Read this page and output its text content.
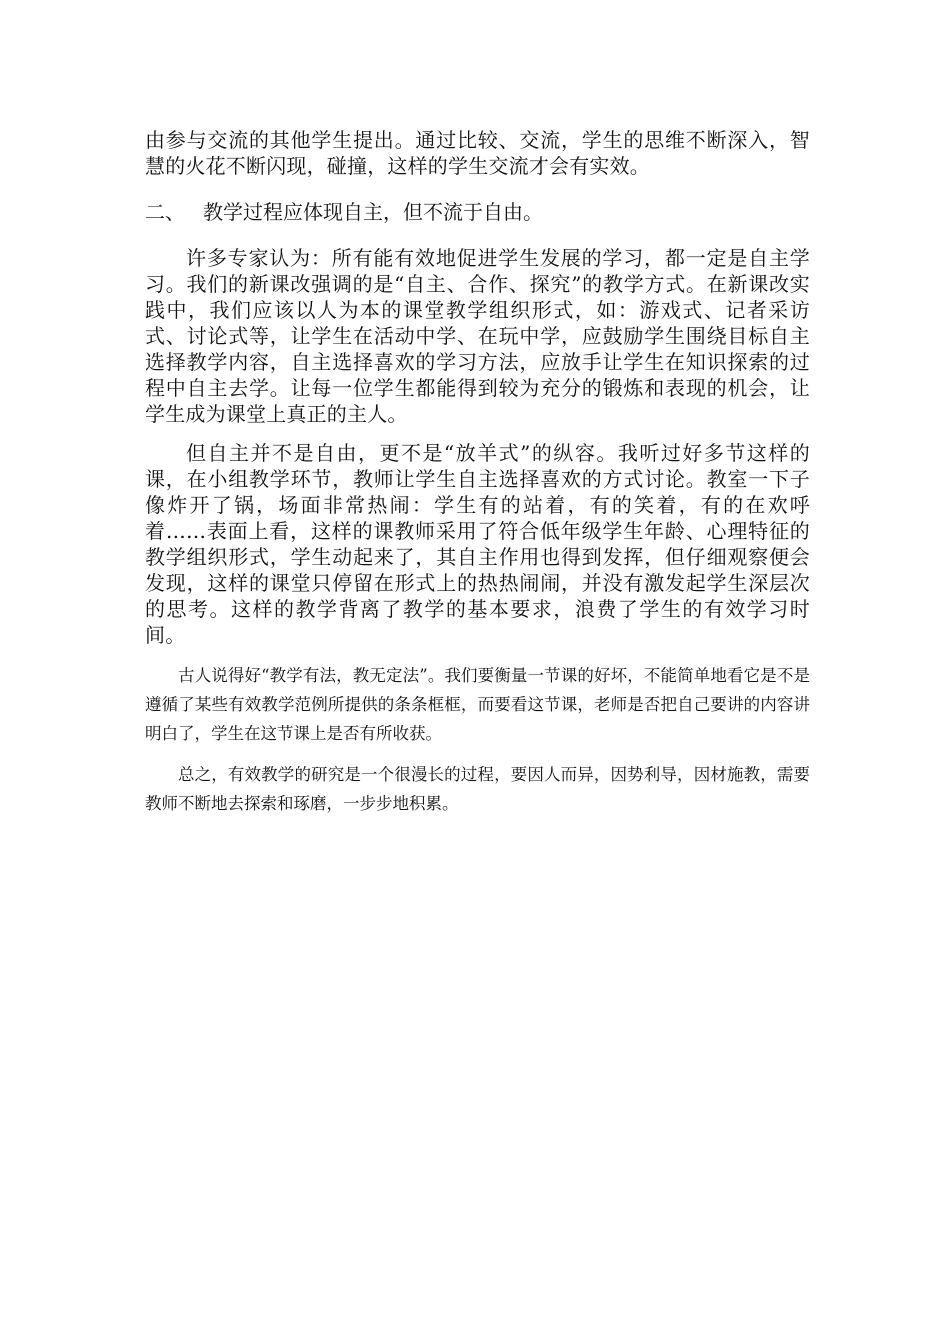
由参与交流的其他学生提出。通过比较、交流，学生的思维不断深入，智慧的火花不断闪现，碰撞，这样的学生交流才会有实效。

二、 教学过程应体现自主，但不流于自由。

许多专家认为：所有能有效地促进学生发展的学习，都一定是自主学习。我们的新课改强调的是“自主、合作、探究”的教学方式。在新课改实践中，我们应该以人为本的课堂教学组织形式，如：游戏式、记者采访式、讨论式等，让学生在活动中学、在玩中学，应鼓励学生围绕目标自主选择教学内容，自主选择喜欢的学习方法，应放手让学生在知识探索的过程中自主去学。让每一位学生都能得到较为充分的锻炼和表现的机会，让学生成为课堂上真正的主人。

但自主并不是自由，更不是“放羊式”的纵容。我听过好多节这样的课，在小组教学环节，教师让学生自主选择喜欢的方式讨论。教室一下子像炸开了锅，场面非常热闹：学生有的站着，有的笑着，有的在欢呼着……表面上看，这样的课教师采用了符合低年级学生年龄、心理特征的教学组织形式，学生动起来了，其自主作用也得到发挥，但仔细观察便会发现，这样的课堂只停留在形式上的热热闹闹，并没有激发起学生深层次的思考。这样的教学背离了教学的基本要求，浪费了学生的有效学习时间。

古人说得好“教学有法，教无定法”。我们要衡量一节课的好坏，不能简单地看它是不是遵循了某些有效教学范例所提供的条条框框，而要看这节课，老师是否把自己要讲的内容讲明白了，学生在这节课上是否有所收获。

总之，有效教学的研究是一个很漫长的过程，要因人而异，因势利导，因材施教，需要教师不断地去探索和琢磨，一步步地积累。
